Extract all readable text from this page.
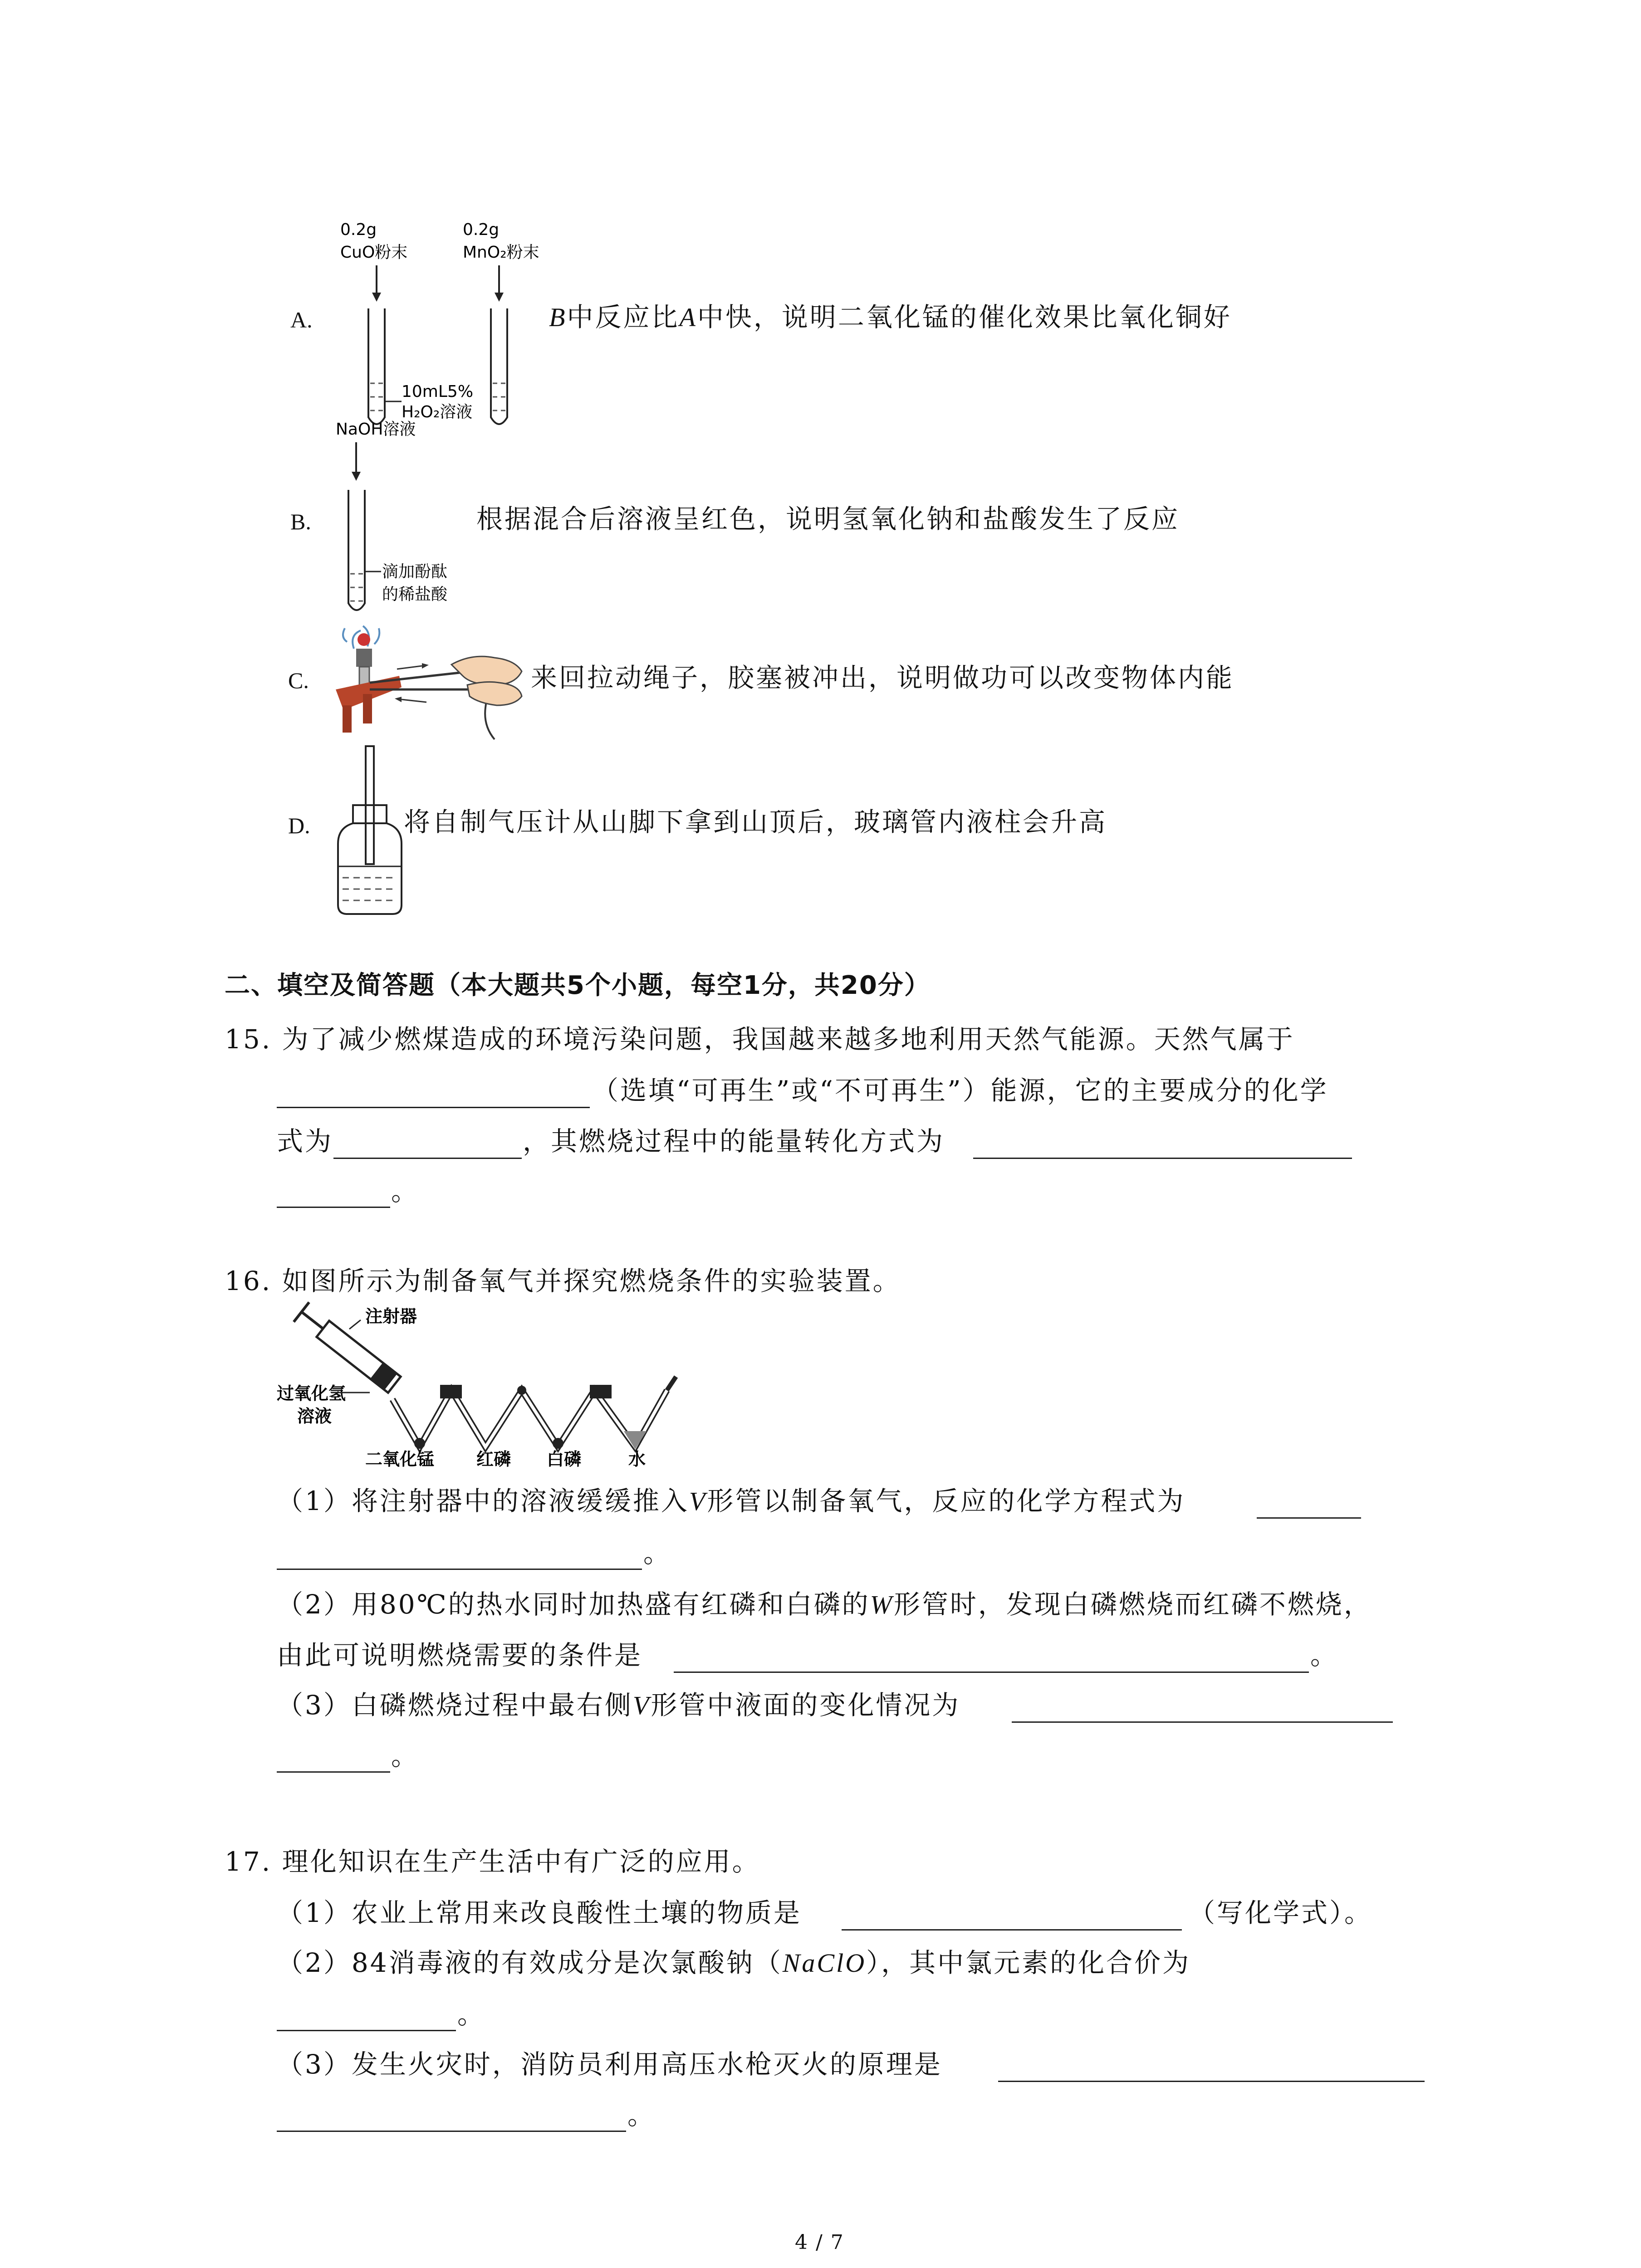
A.
0.2g
CuO粉末
0.2g
MnO₂粉末
10mL5%
H₂O₂溶液
B中反应比A中快，说明二氧化锰的催化效果比氧化铜好
B.
NaOH溶液
滴加酚酞
的稀盐酸
根据混合后溶液呈红色，说明氢氧化钠和盐酸发生了反应
C.	来回拉动绳子，胶塞被冲出，说明做功可以改变物体内能
D.	将自制气压计从山脚下拿到山顶后，玻璃管内液柱会升高
二、填空及简答题（本大题共5个小题，每空1分，共20分）
15. 为了减少燃煤造成的环境污染问题，我国越来越多地利用天然气能源。天然气属于
（选填“可再生”或“不可再生”）能源，它的主要成分的化学
式为	，其燃烧过程中的能量转化方式为
。
16. 如图所示为制备氧气并探究燃烧条件的实验装置。
注射器
过氧化氢
溶液
二氧化锰 红磷 白磷	水
（1）将注射器中的溶液缓缓推入V形管以制备氧气，反应的化学方程式为
。
（2）用80℃的热水同时加热盛有红磷和白磷的W形管时，发现白磷燃烧而红磷不燃烧，
由此可说明燃烧需要的条件是	。
（3）白磷燃烧过程中最右侧V形管中液面的变化情况为
。
17. 理化知识在生产生活中有广泛的应用。
（1）农业上常用来改良酸性土壤的物质是	（写化学式）。
（2）84消毒液的有效成分是次氯酸钠（NaClO），其中氯元素的化合价为
。
（3）发生火灾时，消防员利用高压水枪灭火的原理是
。
4 / 7
